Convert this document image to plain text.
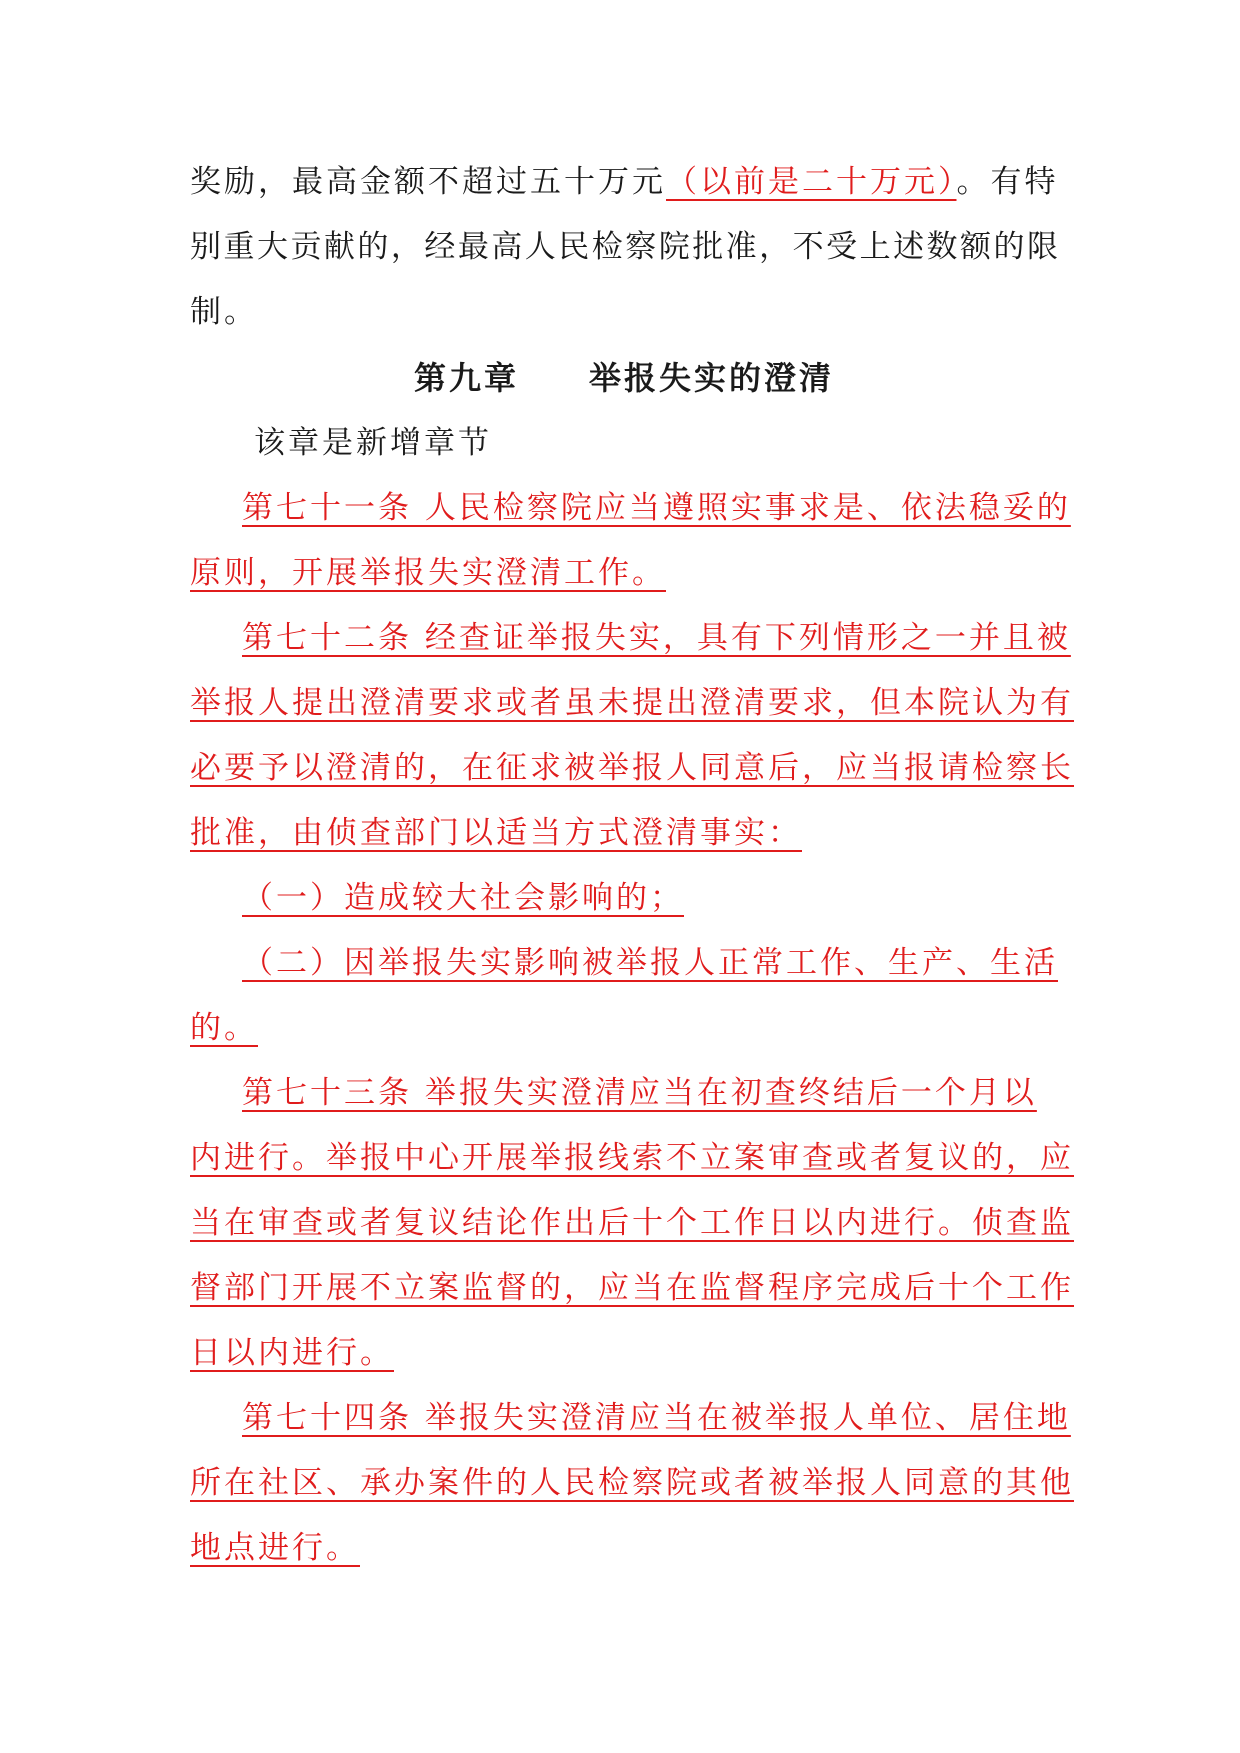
奖励，最高金额不超过五十万元（以前是二十万元）。有特
别重大贡献的，经最高人民检察院批准，不受上述数额的限
制。
第九章 举报失实的澄清
该章是新增章节
第七十一条 人民检察院应当遵照实事求是、依法稳妥的
原则，开展举报失实澄清工作。
第七十二条 经查证举报失实，具有下列情形之一并且被
举报人提出澄清要求或者虽未提出澄清要求，但本院认为有
必要予以澄清的，在征求被举报人同意后，应当报请检察长
批准，由侦查部门以适当方式澄清事实：
（一）造成较大社会影响的；
（二）因举报失实影响被举报人正常工作、生产、生活
的。
第七十三条 举报失实澄清应当在初查终结后一个月以
内进行。举报中心开展举报线索不立案审查或者复议的，应
当在审查或者复议结论作出后十个工作日以内进行。侦查监
督部门开展不立案监督的，应当在监督程序完成后十个工作
日以内进行。
第七十四条 举报失实澄清应当在被举报人单位、居住地
所在社区、承办案件的人民检察院或者被举报人同意的其他
地点进行。
